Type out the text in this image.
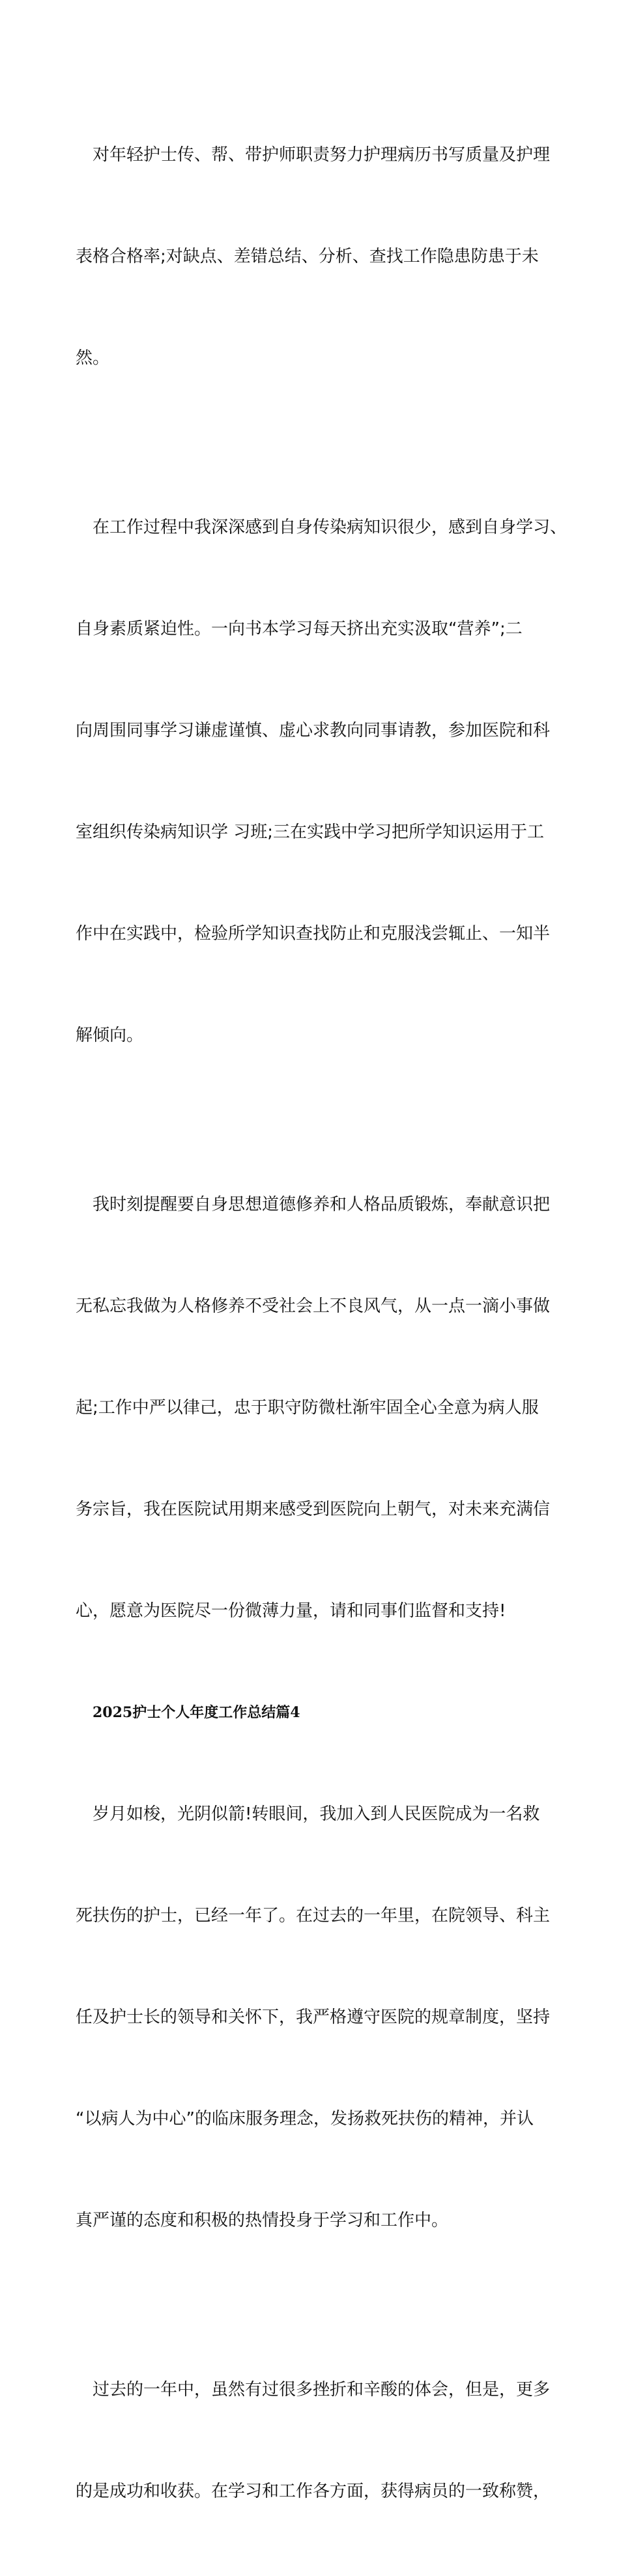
对年轻护士传、帮、带护师职责努力护理病历书写质量及护理

表格合格率;对缺点、差错总结、分析、查找工作隐患防患于未

然。

在工作过程中我深深感到自身传染病知识很少，感到自身学习、

自身素质紧迫性。一向书本学习每天挤出充实汲取“营养”;二

向周围同事学习谦虚谨慎、虚心求教向同事请教，参加医院和科

室组织传染病知识学 习班;三在实践中学习把所学知识运用于工

作中在实践中，检验所学知识查找防止和克服浅尝辄止、一知半

解倾向。

我时刻提醒要自身思想道德修养和人格品质锻炼，奉献意识把

无私忘我做为人格修养不受社会上不良风气，从一点一滴小事做

起;工作中严以律己，忠于职守防微杜渐牢固全心全意为病人服

务宗旨，我在医院试用期来感受到医院向上朝气，对未来充满信

心，愿意为医院尽一份微薄力量，请和同事们监督和支持!

2025护士个人年度工作总结篇4

岁月如梭，光阴似箭!转眼间，我加入到人民医院成为一名救

死扶伤的护士，已经一年了。在过去的一年里，在院领导、科主

任及护士长的领导和关怀下，我严格遵守医院的规章制度，坚持

“以病人为中心”的临床服务理念，发扬救死扶伤的精神，并认

真严谨的态度和积极的热情投身于学习和工作中。

过去的一年中，虽然有过很多挫折和辛酸的体会，但是，更多

的是成功和收获。在学习和工作各方面，获得病员的一致称赞，
